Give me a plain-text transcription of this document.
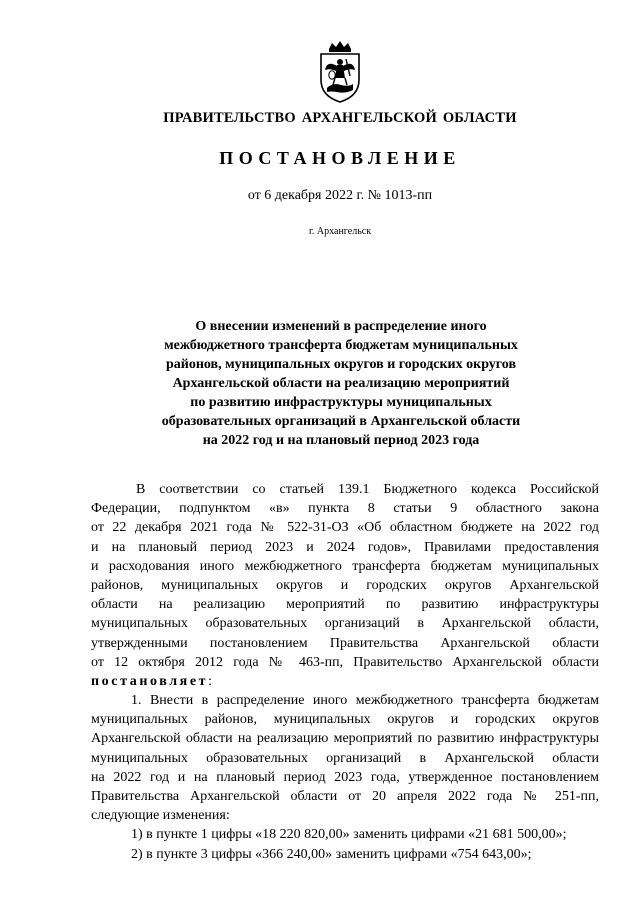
ПРАВИТЕЛЬСТВО АРХАНГЕЛЬСКОЙ ОБЛАСТИ
ПОСТАНОВЛЕНИЕ
от 6 декабря 2022 г. № 1013-пп
г. Архангельск
О внесении изменений в распределение иного
межбюджетного трансферта бюджетам муниципальных
районов, муниципальных округов и городских округов
Архангельской области на реализацию мероприятий
по развитию инфраструктуры муниципальных
образовательных организаций в Архангельской области
на 2022 год и на плановый период 2023 года
В соответствии со статьей 139.1 Бюджетного кодекса Российской
Федерации, подпунктом «в» пункта 8 статьи 9 областного закона
от 22 декабря 2021 года № 522-31-ОЗ «Об областном бюджете на 2022 год
и на плановый период 2023 и 2024 годов», Правилами предоставления
и расходования иного межбюджетного трансферта бюджетам муниципальных
районов, муниципальных округов и городских округов Архангельской
области на реализацию мероприятий по развитию инфраструктуры
муниципальных образовательных организаций в Архангельской области,
утвержденными постановлением Правительства Архангельской области
от 12 октября 2012 года № 463-пп, Правительство Архангельской области
постановляет:
1. Внести в распределение иного межбюджетного трансферта бюджетам
муниципальных районов, муниципальных округов и городских округов
Архангельской области на реализацию мероприятий по развитию инфраструктуры
муниципальных образовательных организаций в Архангельской области
на 2022 год и на плановый период 2023 года, утвержденное постановлением
Правительства Архангельской области от 20 апреля 2022 года № 251-пп,
следующие изменения:
1) в пункте 1 цифры «18 220 820,00» заменить цифрами «21 681 500,00»;
2) в пункте 3 цифры «366 240,00» заменить цифрами «754 643,00»;
